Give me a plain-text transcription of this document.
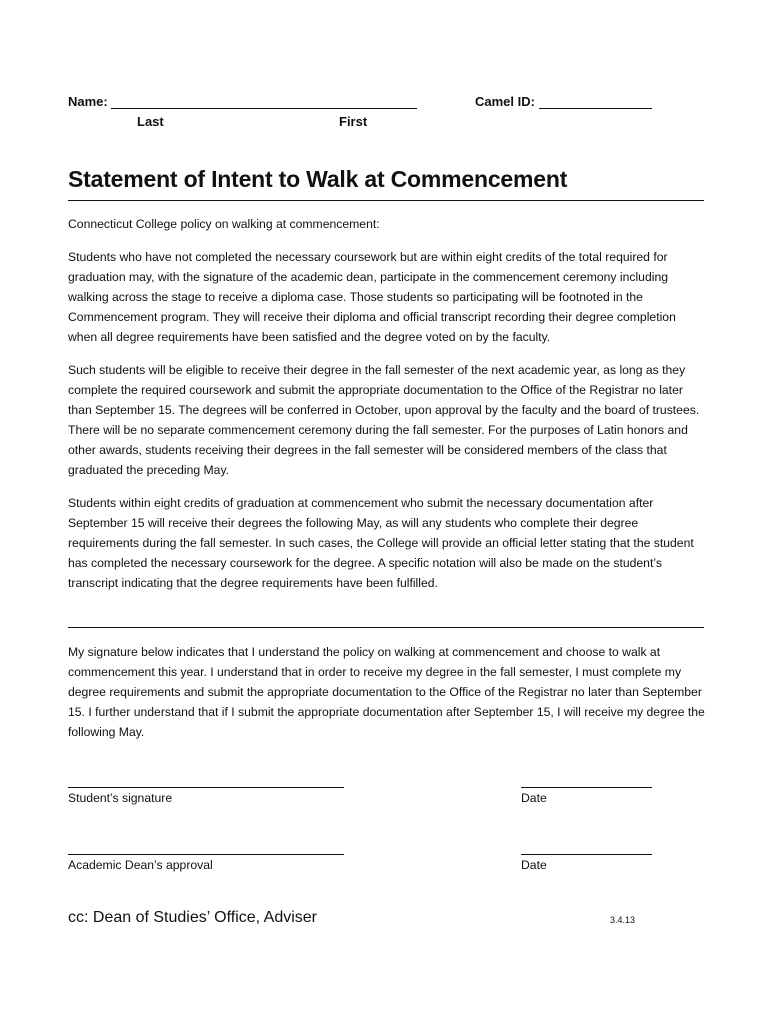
Name:
Last	First
Camel ID:
Statement of Intent to Walk at Commencement

Connecticut College policy on walking at commencement:

Students who have not completed the necessary coursework but are within eight credits of the total required for graduation may, with the signature of the academic dean, participate in the commencement ceremony including walking across the stage to receive a diploma case. Those students so participating will be footnoted in the Commencement program. They will receive their diploma and official transcript recording their degree completion when all degree requirements have been satisfied and the degree voted on by the faculty.

Such students will be eligible to receive their degree in the fall semester of the next academic year, as long as they complete the required coursework and submit the appropriate documentation to the Office of the Registrar no later than September 15. The degrees will be conferred in October, upon approval by the faculty and the board of trustees. There will be no separate commencement ceremony during the fall semester. For the purposes of Latin honors and other awards, students receiving their degrees in the fall semester will be considered members of the class that graduated the preceding May.

Students within eight credits of graduation at commencement who submit the necessary documentation after September 15 will receive their degrees the following May, as will any students who complete their degree requirements during the fall semester. In such cases, the College will provide an official letter stating that the student has completed the necessary coursework for the degree. A specific notation will also be made on the student’s transcript indicating that the degree requirements have been fulfilled.

My signature below indicates that I understand the policy on walking at commencement and choose to walk at commencement this year. I understand that in order to receive my degree in the fall semester, I must complete my degree requirements and submit the appropriate documentation to the Office of the Registrar no later than September 15. I further understand that if I submit the appropriate documentation after September 15, I will receive my degree the following May.

Student’s signature	Date
Academic Dean’s approval	Date
cc: Dean of Studies’ Office, Adviser	3.4.13
